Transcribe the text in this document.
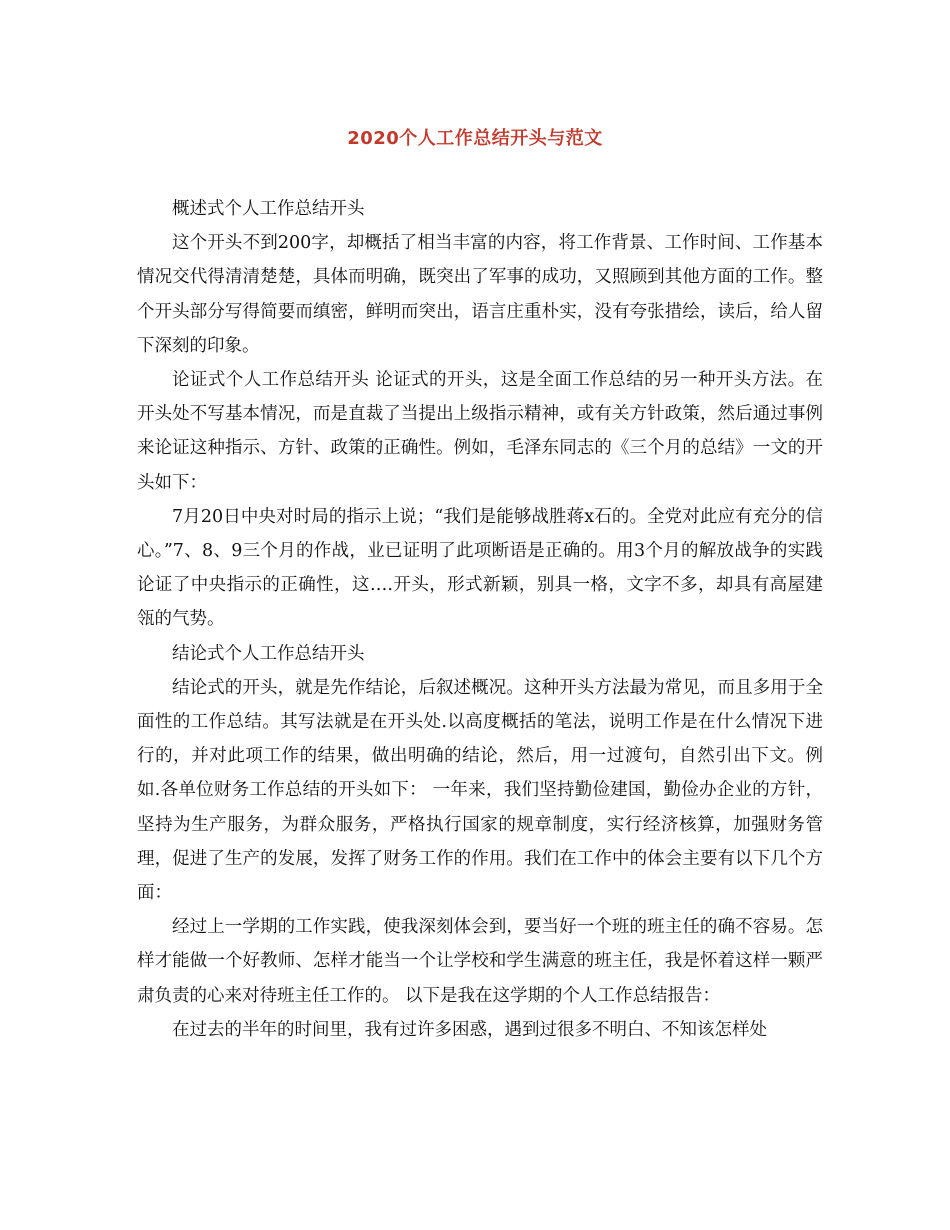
2020个人工作总结开头与范文

概述式个人工作总结开头

这个开头不到200字，却概括了相当丰富的内容，将工作背景、工作时间、工作基本情况交代得清清楚楚，具体而明确，既突出了军事的成功，又照顾到其他方面的工作。整个开头部分写得简要而缜密，鲜明而突出，语言庄重朴实，没有夸张措绘，读后，给人留下深刻的印象。

论证式个人工作总结开头 论证式的开头，这是全面工作总结的另一种开头方法。在开头处不写基本情况，而是直裁了当提出上级指示精神，或有关方针政策，然后通过事例来论证这种指示、方针、政策的正确性。例如，毛泽东同志的《三个月的总结》一文的开头如下：

7月20日中央对时局的指示上说；“我们是能够战胜蒋x石的。全党对此应有充分的信心。”7、8、9三个月的作战，业已证明了此项断语是正确的。用3个月的解放战争的实践论证了中央指示的正确性，这….开头，形式新颖，别具一格，文字不多，却具有高屋建瓴的气势。

结论式个人工作总结开头

结论式的开头，就是先作结论，后叙述概况。这种开头方法最为常见，而且多用于全面性的工作总结。其写法就是在开头处.以高度概括的笔法，说明工作是在什么情况下进行的，并对此项工作的结果，做出明确的结论，然后，用一过渡句，自然引出下文。例如.各单位财务工作总结的开头如下： 一年来，我们坚持勤俭建国，勤俭办企业的方针，坚持为生产服务，为群众服务，严格执行国家的规章制度，实行经济核算，加强财务管理，促进了生产的发展，发挥了财务工作的作用。我们在工作中的体会主要有以下几个方面：

经过上一学期的工作实践，使我深刻体会到，要当好一个班的班主任的确不容易。怎样才能做一个好教师、怎样才能当一个让学校和学生满意的班主任，我是怀着这样一颗严肃负责的心来对待班主任工作的。 以下是我在这学期的个人工作总结报告：

在过去的半年的时间里，我有过许多困惑，遇到过很多不明白、不知该怎样处
